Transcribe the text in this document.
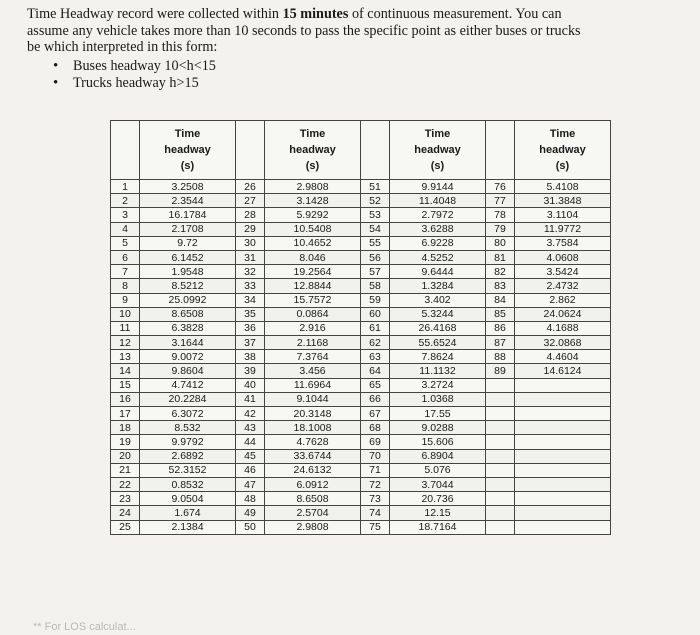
Time Headway record were collected within 15 minutes of continuous measurement. You can

assume any vehicle takes more than 10 seconds to pass the specific point as either buses or trucks

be which interpreted in this form:

• Buses headway 10<h<15
• Trucks headway h>15

	Time
headway
(s)		Time
headway
(s)		Time
headway
(s)		Time
headway
(s)

1	3.2508	26	2.9808	51	9.9144	76	5.4108
2	2.3544	27	3.1428	52	11.4048	77	31.3848
3	16.1784	28	5.9292	53	2.7972	78	3.1104
4	2.1708	29	10.5408	54	3.6288	79	11.9772
5	9.72	30	10.4652	55	6.9228	80	3.7584
6	6.1452	31	8.046	56	4.5252	81	4.0608
7	1.9548	32	19.2564	57	9.6444	82	3.5424
8	8.5212	33	12.8844	58	1.3284	83	2.4732
9	25.0992	34	15.7572	59	3.402	84	2.862
10	8.6508	35	0.0864	60	5.3244	85	24.0624
11	6.3828	36	2.916	61	26.4168	86	4.1688
12	3.1644	37	2.1168	62	55.6524	87	32.0868
13	9.0072	38	7.3764	63	7.8624	88	4.4604
14	9.8604	39	3.456	64	11.1132	89	14.6124
15	4.7412	40	11.6964	65	3.2724		
16	20.2284	41	9.1044	66	1.0368		
17	6.3072	42	20.3148	67	17.55		
18	8.532	43	18.1008	68	9.0288		
19	9.9792	44	4.7628	69	15.606		
20	2.6892	45	33.6744	70	6.8904		
21	52.3152	46	24.6132	71	5.076		
22	0.8532	47	6.0912	72	3.7044		
23	9.0504	48	8.6508	73	20.736		
24	1.674	49	2.5704	74	12.15		
25	2.1384	50	2.9808	75	18.7164		
** For LOS calculat...
